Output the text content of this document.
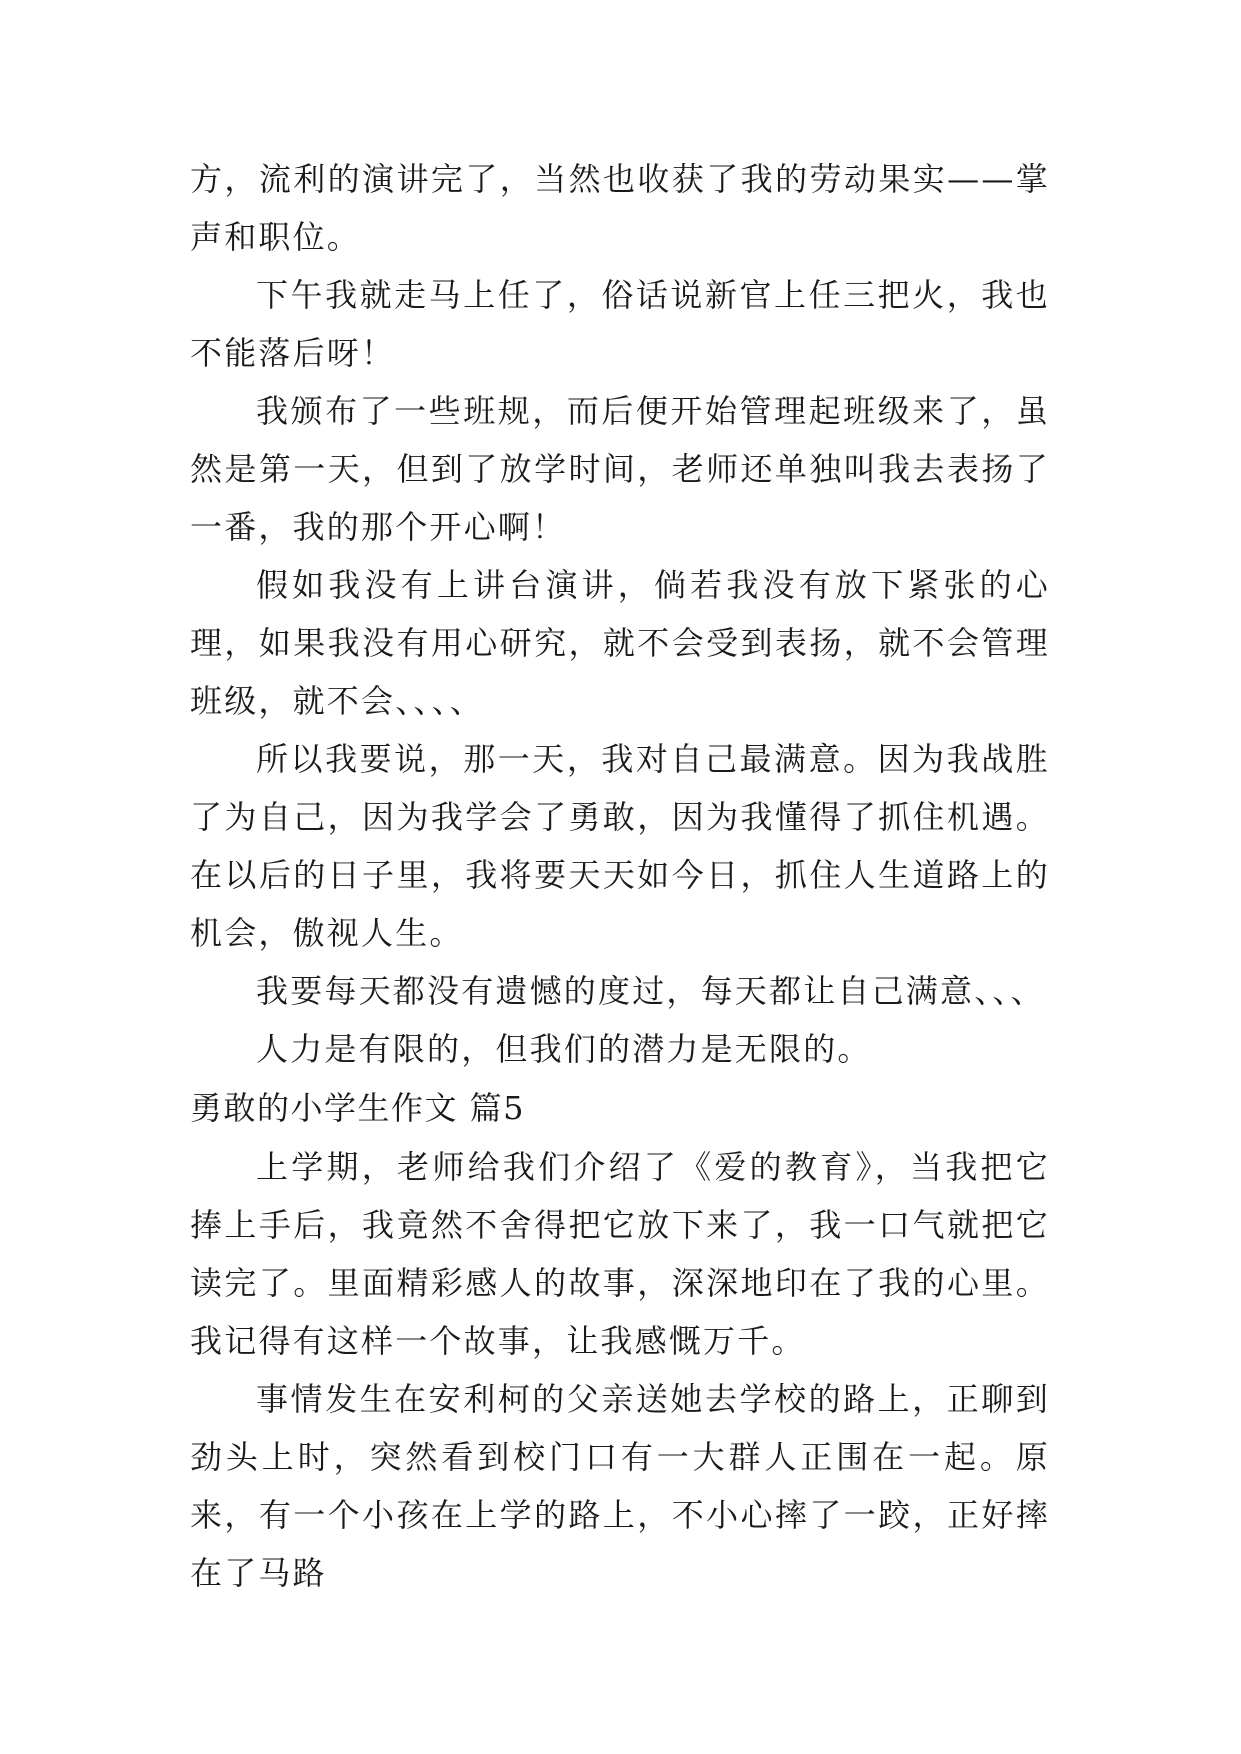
方，流利的演讲完了，当然也收获了我的劳动果实——掌声和职位。

下午我就走马上任了，俗话说新官上任三把火，我也不能落后呀！

我颁布了一些班规，而后便开始管理起班级来了，虽然是第一天，但到了放学时间，老师还单独叫我去表扬了一番，我的那个开心啊！

假如我没有上讲台演讲，倘若我没有放下紧张的心理，如果我没有用心研究，就不会受到表扬，就不会管理班级，就不会、、、、

所以我要说，那一天，我对自己最满意。因为我战胜了为自己，因为我学会了勇敢，因为我懂得了抓住机遇。在以后的日子里，我将要天天如今日，抓住人生道路上的机会，傲视人生。

我要每天都没有遗憾的度过，每天都让自己满意、、、

人力是有限的，但我们的潜力是无限的。

勇敢的小学生作文 篇5

上学期，老师给我们介绍了《爱的教育》，当我把它捧上手后，我竟然不舍得把它放下来了，我一口气就把它读完了。里面精彩感人的故事，深深地印在了我的心里。我记得有这样一个故事，让我感慨万千。

事情发生在安利柯的父亲送她去学校的路上，正聊到劲头上时，突然看到校门口有一大群人正围在一起。原来，有一个小孩在上学的路上，不小心摔了一跤，正好摔在了马路
